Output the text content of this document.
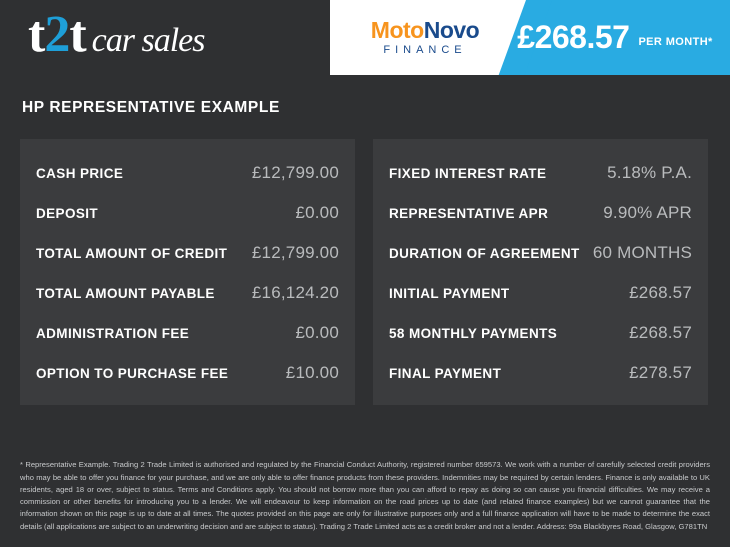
t 2 t car sales	MotoNovo
FINANCE	£268.57 PER MONTH*
HP REPRESENTATIVE EXAMPLE
CASH PRICE	£12,799.00
DEPOSIT	£0.00
TOTAL AMOUNT OF CREDIT £12,799.00
TOTAL AMOUNT PAYABLE £16,124.20
ADMINISTRATION FEE	£0.00
OPTION TO PURCHASE FEE	£10.00
FIXED INTEREST RATE	5.18% P.A.
REPRESENTATIVE APR	9.90% APR
DURATION OF AGREEMENT 60 MONTHS
INITIAL PAYMENT	£268.57
58 MONTHLY PAYMENTS	£268.57
FINAL PAYMENT	£278.57
* Representative Example. Trading 2 Trade Limited is authorised and regulated by the Financial Conduct Authority, registered number 659573. We work with a number of carefully selected credit providers who may be able to offer you finance for your purchase, and we are only able to offer finance products from these providers. Indemnities may be required by certain lenders. Finance is only available to UK residents, aged 18 or over, subject to status. Terms and Conditions apply. You should not borrow more than you can afford to repay as doing so can cause you financial difficulties. We may receive a commission or other benefits for introducing you to a lender. We will endeavour to keep information on the road prices up to date (and related finance examples) but we cannot guarantee that the information shown on this page is up to date at all times. The quotes provided on this page are only for illustrative purposes only and a full finance application will have to be made to determine the exact details (all applications are subject to an underwriting decision and are subject to status). Trading 2 Trade Limited acts as a credit broker and not a lender. Address: 99a Blackbyres Road, Glasgow, G781TN
